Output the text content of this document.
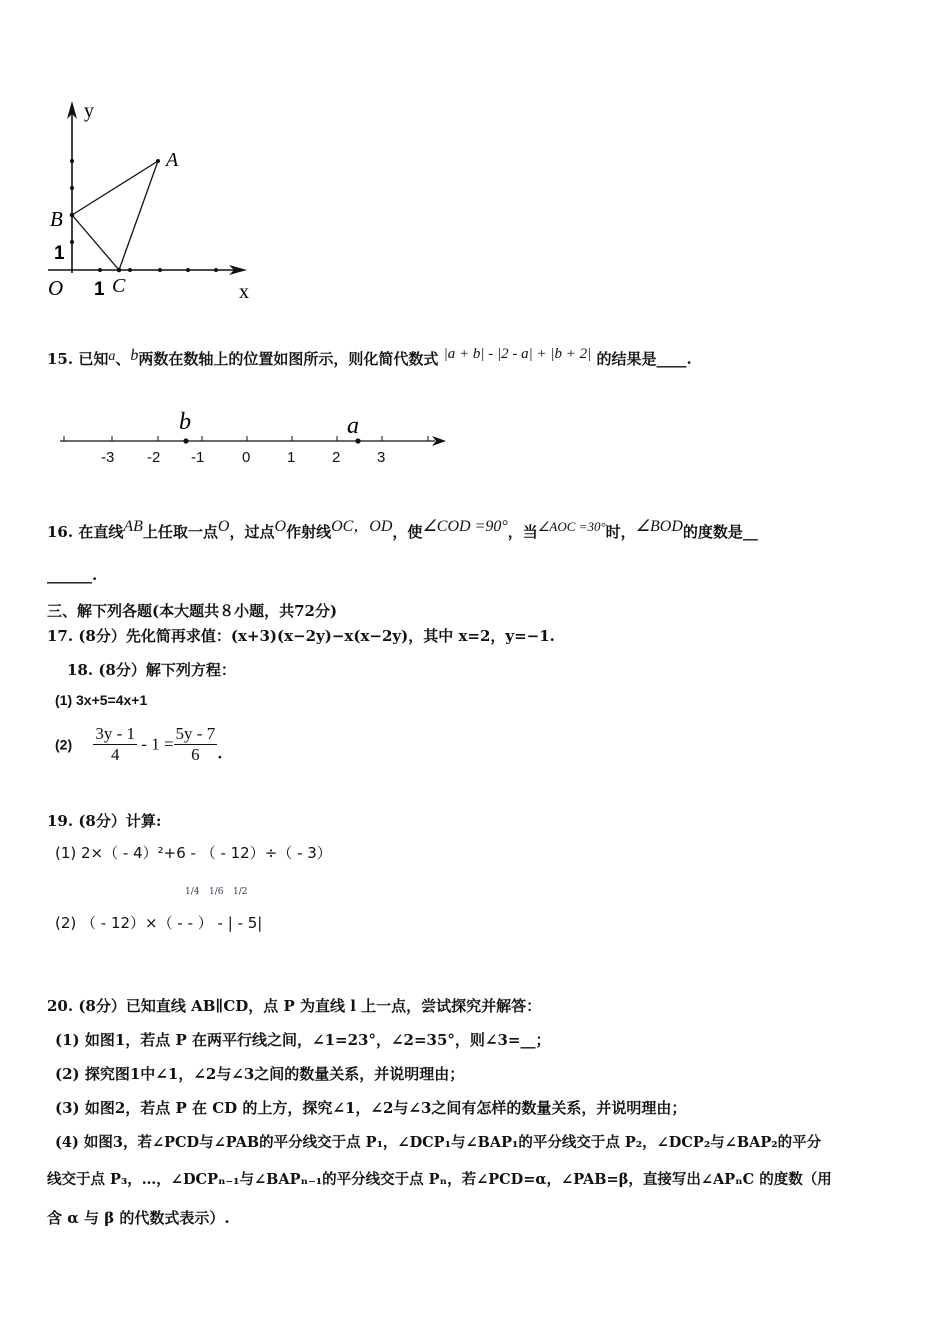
y
x
O 1
1
A
B
C
15. 已知a、b两数在数轴上的位置如图所示，则化简代数式 |a + b| - |2 - a| + |b + 2| 的结果是____.
b	a
-3 -2 -1	0 1 2 3
16. 在直线AB上任取一点O，过点O作射线OC，OD，使∠COD =90°，当∠AOC =30°时，∠BOD的度数是__
______.
三、解下列各题(本大题共８小题，共72分)
17. (8分）先化简再求值：(x+3)(x−2y)−x(x−2y)，其中 x=2，y=−1.
18. (8分）解下列方程：
(1) 3x+5=4x+1
$(2) \frac{3y - 1}{4} - 1 = \frac{5y - 7}{6}$ .
19. (8分）计算:
(1) 2×（ - 4）²+6 - （ - 12）÷（ - 3）
1/4 1/6 1/2
(2) （ - 12）×（ - - ） - | - 5|
20. (8分）已知直线 AB∥CD，点 P 为直线 l 上一点，尝试探究并解答：
(1) 如图1，若点 P 在两平行线之间，∠1=23°，∠2=35°，则∠3=__；
(2) 探究图1中∠1，∠2与∠3之间的数量关系，并说明理由；
(3) 如图2，若点 P 在 CD 的上方，探究∠1，∠2与∠3之间有怎样的数量关系，并说明理由；
(4) 如图3，若∠PCD与∠PAB的平分线交于点 P₁，∠DCP₁与∠BAP₁的平分线交于点 P₂，∠DCP₂与∠BAP₂的平分
线交于点 P₃，…，∠DCPₙ₋₁与∠BAPₙ₋₁的平分线交于点 Pₙ，若∠PCD=α，∠PAB=β，直接写出∠APₙC 的度数（用
含 α 与 β 的代数式表示）.
